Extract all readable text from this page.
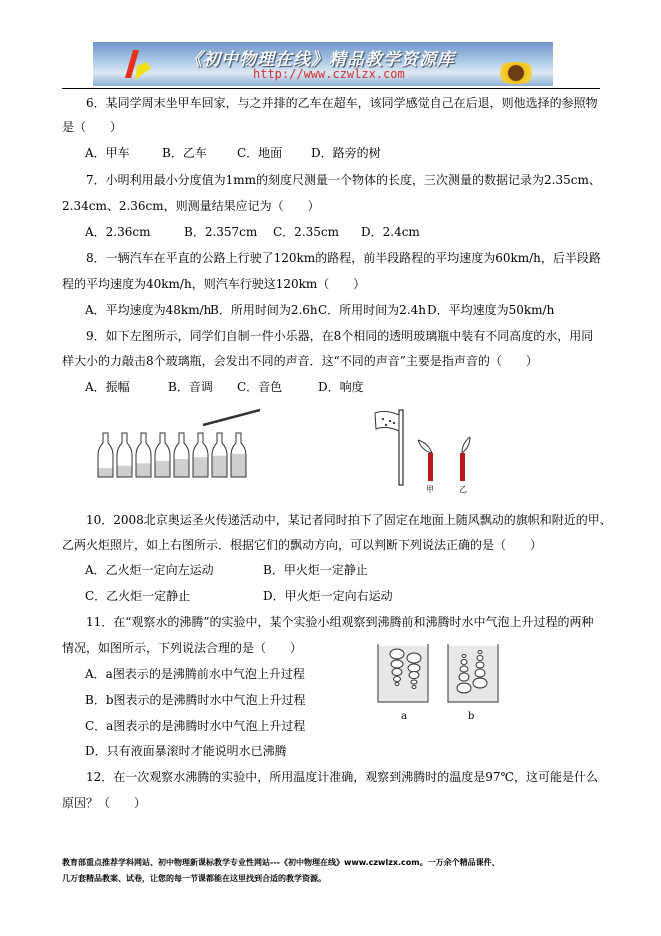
《初中物理在线》精品教学资源库
http://www.czwlzx.com
6．某同学周末坐甲车回家，与之并排的乙车在超车，该同学感觉自己在后退，则他选择的参照物
是（　　）
A．甲车	B．乙车	C．地面 D．路旁的树
7．小明利用最小分度值为1mm的刻度尺测量一个物体的长度，三次测量的数据记录为2.35cm、
2.34cm、2.36cm，则测量结果应记为（　　）
A．2.36cm	B．2.357cm C．2.35cm D．2.4cm
8．一辆汽车在平直的公路上行驶了120km的路程，前半段路程的平均速度为60km/h，后半段路
程的平均速度为40km/h，则汽车行驶这120km（　　）
A．平均速度为48km/h
B．所用时间为2.6h C．所用时间为2.4h D．平均速度为50km/h
9．如下左图所示，同学们自制一件小乐器，在8个相同的透明玻璃瓶中装有不同高度的水，用同
样大小的力敲击8个玻璃瓶，会发出不同的声音．这“不同的声音”主要是指声音的（　　）
A．振幅	B．音调 C．音色	D．响度
甲	乙
10．2008北京奥运圣火传递活动中，某记者同时拍下了固定在地面上随风飘动的旗帜和附近的甲、
乙两火炬照片，如上右图所示．根据它们的飘动方向，可以判断下列说法正确的是（　　）
A．乙火炬一定向左运动	B．甲火炬一定静止
C．乙火炬一定静止	D．甲火炬一定向右运动
11．在“观察水的沸腾”的实验中，某个实验小组观察到沸腾前和沸腾时水中气泡上升过程的两种
情况，如图所示，下列说法合理的是（　　）
A．a图表示的是沸腾前水中气泡上升过程
B．b图表示的是沸腾时水中气泡上升过程
C．a图表示的是沸腾时水中气泡上升过程
D．只有液面暴滚时才能说明水已沸腾
a	b
12．在一次观察水沸腾的实验中，所用温度计准确，观察到沸腾时的温度是97℃，这可能是什么
原因？（　　）
教育部重点推荐学科网站、初中物理新课标教学专业性网站---《初中物理在线》www.czwlzx.com。一万余个精品课件、
几万套精品教案、试卷，让您的每一节课都能在这里找到合适的教学资源。
